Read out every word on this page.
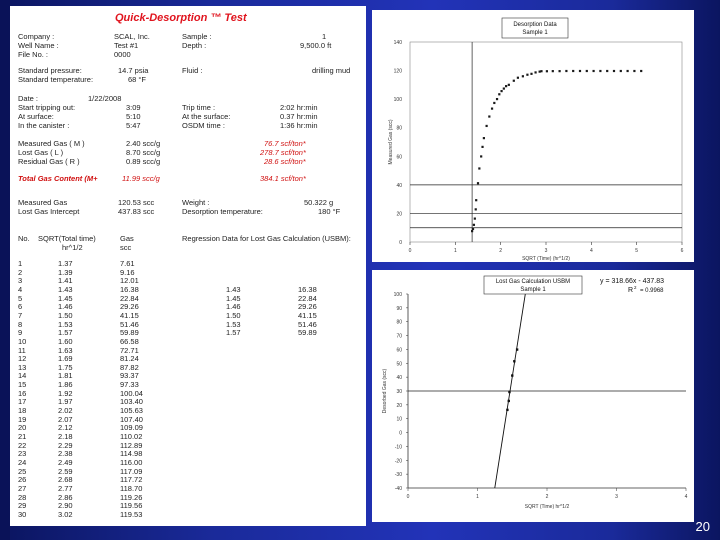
Quick-Desorption ™ Test
Company :	SCAL, Inc.	Sample :	1
Well Name :	Test #1	Depth :	9,500.0 ft
File No. :	0000
Standard pressure:	14.7 psia	Fluid :	drilling mud
Standard temperature:	68 °F
Date :	1/22/2008
Start tripping out:	3:09	Trip time :	2:02 hr:min
At surface:	5:10	At the surface:	0.37 hr:min
In the canister :	5:47	OSDM time :	1:36 hr:min
Measured Gas ( M )	2.40 scc/g	76.7 scf/ton*
Lost Gas ( L )	8.70 scc/g	278.7 scf/ton*
Residual Gas ( R )	0.89 scc/g	28.6 scf/ton*
Total Gas Content (M+	11.99 scc/g	384.1 scf/ton*
Measured Gas	120.53 scc	Weight :	50.322 g
Lost Gas Intercept	437.83 scc	Desorption temperature:	180 °F
No. SQRT(Total time)
hr^1/2
Gas
scc
Regression Data for Lost Gas Calculation (USBM):
1	1.37	7.61
2	1.39	9.16
3	1.41	12.01
4	1.43	16.38
5	1.45	22.84
6	1.46	29.26
7	1.50	41.15
8	1.53	51.46
9	1.57	59.89
10	1.60	66.58
11	1.63	72.71
12	1.69	81.24
13	1.75	87.82
14	1.81	93.37
15	1.86	97.33
16	1.92	100.04
17	1.97	103.40
18	2.02	105.63
19	2.07	107.40
20	2.12	109.09
21	2.18	110.02
22	2.29	112.89
23	2.38	114.98
24	2.49	116.00
25	2.59	117.09
26	2.68	117.72
27	2.77	118.70
28	2.86	119.26
29	2.90	119.56
30	3.02	119.53
1.43	16.38
1.45	22.84
1.46	29.26
1.50	41.15
1.53	51.46
1.57	59.89
0
20
40
60
80
100
120
140
0	1	2	3	4	5	6
Desorption Data
Sample 1
SQRT (Time) (hr^1/2)
Measured Gas (scc)
-40
-30
-20
-10
0
10
20
30
40
50
60
70
80
90
100
0	1	2	3	4
Lost Gas Calculation USBM
Sample 1
y = 318.66x - 437.83
R 2
= 0.9968
SQRT (Time) hr^1/2
Desorbed Gas (scc)
20
